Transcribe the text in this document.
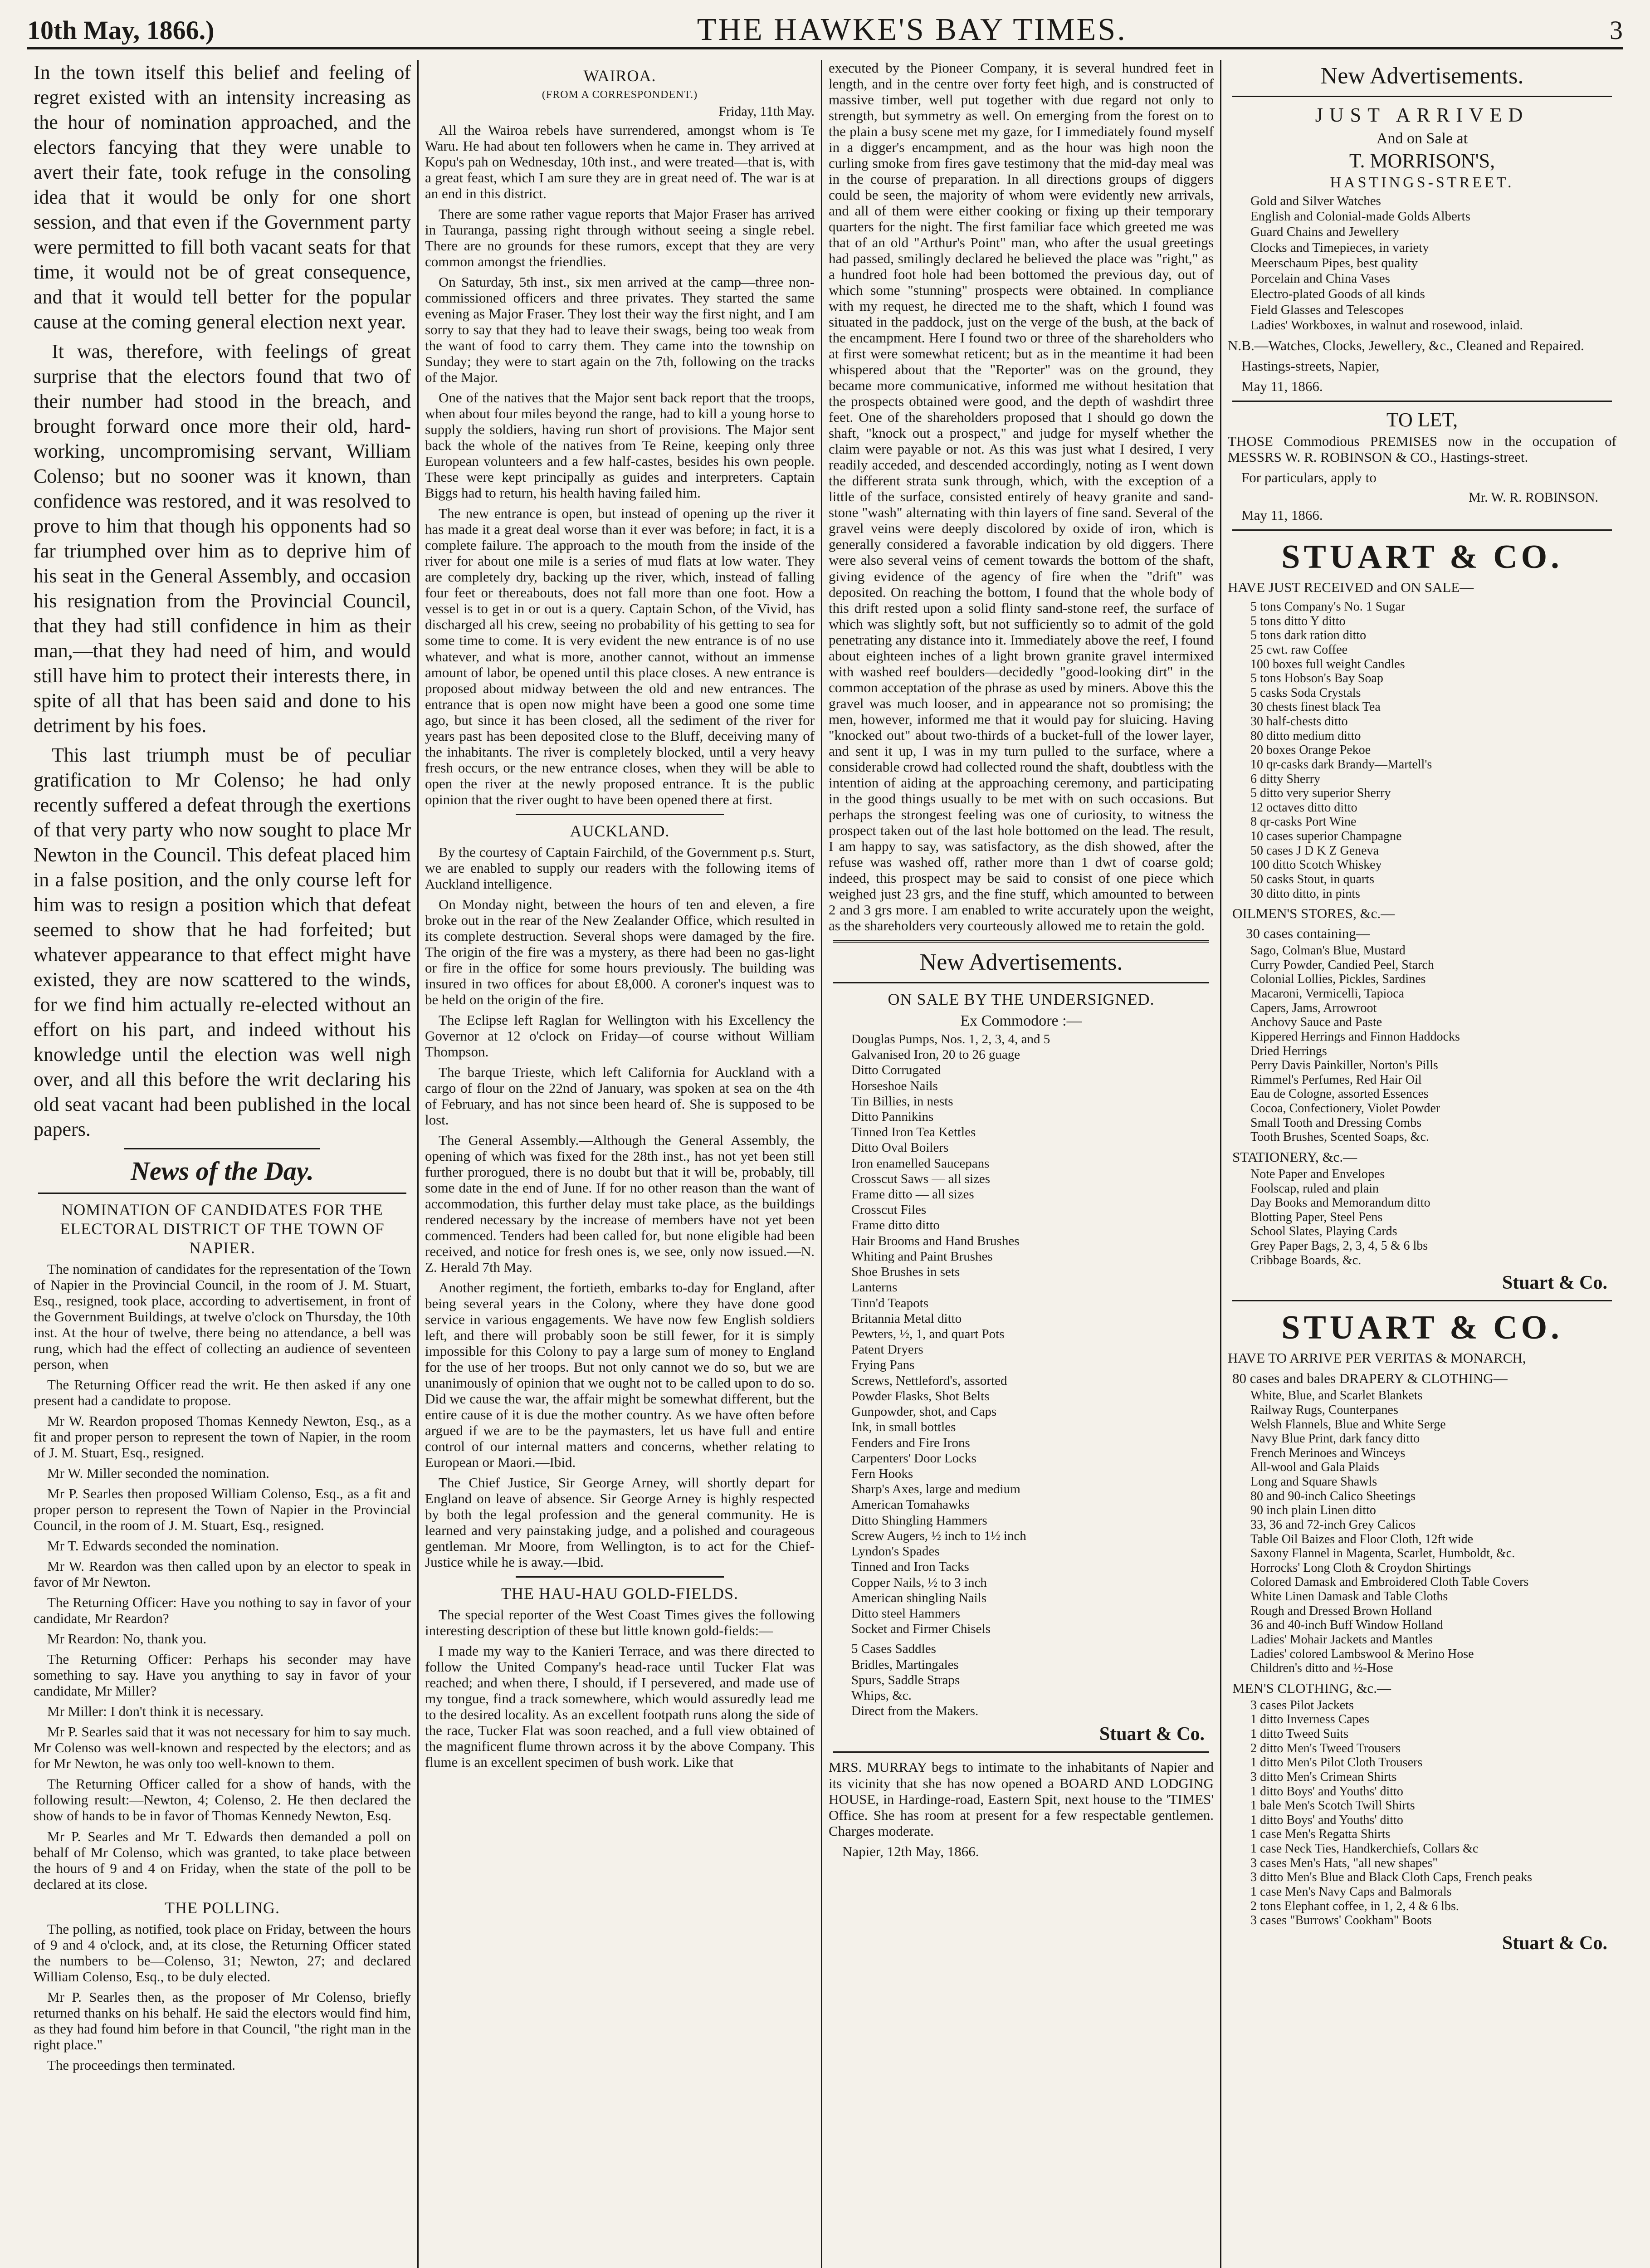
10th May, 1866.)	THE HAWKE'S BAY TIMES.	3

In the town itself this belief and feeling of regret existed with an intensity increasing as the hour of nomination approached, and the electors fancying that they were unable to avert their fate, took refuge in the consoling idea that it would be only for one short session, and that even if the Government party were permitted to fill both vacant seats for that time, it would not be of great consequence, and that it would tell better for the popular cause at the coming general election next year.

It was, therefore, with feelings of great surprise that the electors found that two of their number had stood in the breach, and brought forward once more their old, hard-working, uncompromising servant, William Colenso; but no sooner was it known, than confidence was restored, and it was resolved to prove to him that though his opponents had so far triumphed over him as to deprive him of his seat in the General Assembly, and occasion his resignation from the Provincial Council, that they had still confidence in him as their man,—that they had need of him, and would still have him to protect their interests there, in spite of all that has been said and done to his detriment by his foes.

This last triumph must be of peculiar gratification to Mr Colenso; he had only recently suffered a defeat through the exertions of that very party who now sought to place Mr Newton in the Council. This defeat placed him in a false position, and the only course left for him was to resign a position which that defeat seemed to show that he had forfeited; but whatever appearance to that effect might have existed, they are now scattered to the winds, for we find him actually re-elected without an effort on his part, and indeed without his knowledge until the election was well nigh over, and all this before the writ declaring his old seat vacant had been published in the local papers.

News of the Day.
NOMINATION OF CANDIDATES FOR THE ELECTORAL DISTRICT OF THE TOWN OF NAPIER.

The nomination of candidates for the representation of the Town of Napier in the Provincial Council, in the room of J. M. Stuart, Esq., resigned, took place, according to advertisement, in front of the Government Buildings, at twelve o'clock on Thursday, the 10th inst. At the hour of twelve, there being no attendance, a bell was rung, which had the effect of collecting an audience of seventeen person, when

The Returning Officer read the writ. He then asked if any one present had a candidate to propose.

Mr W. Reardon proposed Thomas Kennedy Newton, Esq., as a fit and proper person to represent the town of Napier, in the room of J. M. Stuart, Esq., resigned.

Mr W. Miller seconded the nomination.

Mr P. Searles then proposed William Colenso, Esq., as a fit and proper person to represent the Town of Napier in the Provincial Council, in the room of J. M. Stuart, Esq., resigned.

Mr T. Edwards seconded the nomination.

Mr W. Reardon was then called upon by an elector to speak in favor of Mr Newton.

The Returning Officer: Have you nothing to say in favor of your candidate, Mr Reardon?

Mr Reardon: No, thank you.

The Returning Officer: Perhaps his seconder may have something to say. Have you anything to say in favor of your candidate, Mr Miller?

Mr Miller: I don't think it is necessary.

Mr P. Searles said that it was not necessary for him to say much. Mr Colenso was well-known and respected by the electors; and as for Mr Newton, he was only too well-known to them.

The Returning Officer called for a show of hands, with the following result:—Newton, 4; Colenso, 2. He then declared the show of hands to be in favor of Thomas Kennedy Newton, Esq.

Mr P. Searles and Mr T. Edwards then demanded a poll on behalf of Mr Colenso, which was granted, to take place between the hours of 9 and 4 on Friday, when the state of the poll to be declared at its close.

THE POLLING.

The polling, as notified, took place on Friday, between the hours of 9 and 4 o'clock, and, at its close, the Returning Officer stated the numbers to be—Colenso, 31; Newton, 27; and declared William Colenso, Esq., to be duly elected.

Mr P. Searles then, as the proposer of Mr Colenso, briefly returned thanks on his behalf. He said the electors would find him, as they had found him before in that Council, "the right man in the right place."

The proceedings then terminated.

WAIROA.
(FROM A CORRESPONDENT.)
Friday, 11th May.

All the Wairoa rebels have surrendered, amongst whom is Te Waru. He had about ten followers when he came in. They arrived at Kopu's pah on Wednesday, 10th inst., and were treated—that is, with a great feast, which I am sure they are in great need of. The war is at an end in this district.

There are some rather vague reports that Major Fraser has arrived in Tauranga, passing right through without seeing a single rebel. There are no grounds for these rumors, except that they are very common amongst the friendlies.

On Saturday, 5th inst., six men arrived at the camp—three non-commissioned officers and three privates. They started the same evening as Major Fraser. They lost their way the first night, and I am sorry to say that they had to leave their swags, being too weak from the want of food to carry them. They came into the township on Sunday; they were to start again on the 7th, following on the tracks of the Major.

One of the natives that the Major sent back report that the troops, when about four miles beyond the range, had to kill a young horse to supply the soldiers, having run short of provisions. The Major sent back the whole of the natives from Te Reine, keeping only three European volunteers and a few half-castes, besides his own people. These were kept principally as guides and interpreters. Captain Biggs had to return, his health having failed him.

The new entrance is open, but instead of opening up the river it has made it a great deal worse than it ever was before; in fact, it is a complete failure. The approach to the mouth from the inside of the river for about one mile is a series of mud flats at low water. They are completely dry, backing up the river, which, instead of falling four feet or thereabouts, does not fall more than one foot. How a vessel is to get in or out is a query. Captain Schon, of the Vivid, has discharged all his crew, seeing no probability of his getting to sea for some time to come. It is very evident the new entrance is of no use whatever, and what is more, another cannot, without an immense amount of labor, be opened until this place closes. A new entrance is proposed about midway between the old and new entrances. The entrance that is open now might have been a good one some time ago, but since it has been closed, all the sediment of the river for years past has been deposited close to the Bluff, deceiving many of the inhabitants. The river is completely blocked, until a very heavy fresh occurs, or the new entrance closes, when they will be able to open the river at the newly proposed entrance. It is the public opinion that the river ought to have been opened there at first.

AUCKLAND.

By the courtesy of Captain Fairchild, of the Government p.s. Sturt, we are enabled to supply our readers with the following items of Auckland intelligence.

On Monday night, between the hours of ten and eleven, a fire broke out in the rear of the New Zealander Office, which resulted in its complete destruction. Several shops were damaged by the fire. The origin of the fire was a mystery, as there had been no gas-light or fire in the office for some hours previously. The building was insured in two offices for about £8,000. A coroner's inquest was to be held on the origin of the fire.

The Eclipse left Raglan for Wellington with his Excellency the Governor at 12 o'clock on Friday—of course without William Thompson.

The barque Trieste, which left California for Auckland with a cargo of flour on the 22nd of January, was spoken at sea on the 4th of February, and has not since been heard of. She is supposed to be lost.

The General Assembly.—Although the General Assembly, the opening of which was fixed for the 28th inst., has not yet been still further prorogued, there is no doubt but that it will be, probably, till some date in the end of June. If for no other reason than the want of accommodation, this further delay must take place, as the buildings rendered necessary by the increase of members have not yet been commenced. Tenders had been called for, but none eligible had been received, and notice for fresh ones is, we see, only now issued.—N. Z. Herald 7th May.

Another regiment, the fortieth, embarks to-day for England, after being several years in the Colony, where they have done good service in various engagements. We have now few English soldiers left, and there will probably soon be still fewer, for it is simply impossible for this Colony to pay a large sum of money to England for the use of her troops. But not only cannot we do so, but we are unanimously of opinion that we ought not to be called upon to do so. Did we cause the war, the affair might be somewhat different, but the entire cause of it is due the mother country. As we have often before argued if we are to be the paymasters, let us have full and entire control of our internal matters and concerns, whether relating to European or Maori.—Ibid.

The Chief Justice, Sir George Arney, will shortly depart for England on leave of absence. Sir George Arney is highly respected by both the legal profession and the general community. He is learned and very painstaking judge, and a polished and courageous gentleman. Mr Moore, from Wellington, is to act for the Chief-Justice while he is away.—Ibid.

THE HAU-HAU GOLD-FIELDS.

The special reporter of the West Coast Times gives the following interesting description of these but little known gold-fields:—

I made my way to the Kanieri Terrace, and was there directed to follow the United Company's head-race until Tucker Flat was reached; and when there, I should, if I persevered, and made use of my tongue, find a track somewhere, which would assuredly lead me to the desired locality. As an excellent footpath runs along the side of the race, Tucker Flat was soon reached, and a full view obtained of the magnificent flume thrown across it by the above Company. This flume is an excellent specimen of bush work. Like that

executed by the Pioneer Company, it is several hundred feet in length, and in the centre over forty feet high, and is constructed of massive timber, well put together with due regard not only to strength, but symmetry as well. On emerging from the forest on to the plain a busy scene met my gaze, for I immediately found myself in a digger's encampment, and as the hour was high noon the curling smoke from fires gave testimony that the mid-day meal was in the course of preparation. In all directions groups of diggers could be seen, the majority of whom were evidently new arrivals, and all of them were either cooking or fixing up their temporary quarters for the night. The first familiar face which greeted me was that of an old "Arthur's Point" man, who after the usual greetings had passed, smilingly declared he believed the place was "right," as a hundred foot hole had been bottomed the previous day, out of which some "stunning" prospects were obtained. In compliance with my request, he directed me to the shaft, which I found was situated in the paddock, just on the verge of the bush, at the back of the encampment. Here I found two or three of the shareholders who at first were somewhat reticent; but as in the meantime it had been whispered about that the "Reporter" was on the ground, they became more communicative, informed me without hesitation that the prospects obtained were good, and the depth of washdirt three feet. One of the shareholders proposed that I should go down the shaft, "knock out a prospect," and judge for myself whether the claim were payable or not. As this was just what I desired, I very readily acceded, and descended accordingly, noting as I went down the different strata sunk through, which, with the exception of a little of the surface, consisted entirely of heavy granite and sand-stone "wash" alternating with thin layers of fine sand. Several of the gravel veins were deeply discolored by oxide of iron, which is generally considered a favorable indication by old diggers. There were also several veins of cement towards the bottom of the shaft, giving evidence of the agency of fire when the "drift" was deposited. On reaching the bottom, I found that the whole body of this drift rested upon a solid flinty sand-stone reef, the surface of which was slightly soft, but not sufficiently so to admit of the gold penetrating any distance into it. Immediately above the reef, I found about eighteen inches of a light brown granite gravel intermixed with washed reef boulders—decidedly "good-looking dirt" in the common acceptation of the phrase as used by miners. Above this the gravel was much looser, and in appearance not so promising; the men, however, informed me that it would pay for sluicing. Having "knocked out" about two-thirds of a bucket-full of the lower layer, and sent it up, I was in my turn pulled to the surface, where a considerable crowd had collected round the shaft, doubtless with the intention of aiding at the approaching ceremony, and participating in the good things usually to be met with on such occasions. But perhaps the strongest feeling was one of curiosity, to witness the prospect taken out of the last hole bottomed on the lead. The result, I am happy to say, was satisfactory, as the dish showed, after the refuse was washed off, rather more than 1 dwt of coarse gold; indeed, this prospect may be said to consist of one piece which weighed just 23 grs, and the fine stuff, which amounted to between 2 and 3 grs more. I am enabled to write accurately upon the weight, as the shareholders very courteously allowed me to retain the gold.

New Advertisements.
ON SALE BY THE UNDERSIGNED.
Ex Commodore :—
Douglas Pumps, Nos. 1, 2, 3, 4, and 5
Galvanised Iron, 20 to 26 guage
Ditto Corrugated
Horseshoe Nails
Tin Billies, in nests
Ditto Pannikins
Tinned Iron Tea Kettles
Ditto Oval Boilers
Iron enamelled Saucepans
Crosscut Saws — all sizes
Frame ditto — all sizes
Crosscut Files
Frame ditto ditto
Hair Brooms and Hand Brushes
Whiting and Paint Brushes
Shoe Brushes in sets
Lanterns
Tinn'd Teapots
Britannia Metal ditto
Pewters, ½, 1, and quart Pots
Patent Dryers
Frying Pans
Screws, Nettleford's, assorted
Powder Flasks, Shot Belts
Gunpowder, shot, and Caps
Ink, in small bottles
Fenders and Fire Irons
Carpenters' Door Locks
Fern Hooks
Sharp's Axes, large and medium
American Tomahawks
Ditto Shingling Hammers
Screw Augers, ½ inch to 1½ inch
Lyndon's Spades
Tinned and Iron Tacks
Copper Nails, ½ to 3 inch
American shingling Nails
Ditto steel Hammers
Socket and Firmer Chisels
5 Cases Saddles
Bridles, Martingales
Spurs, Saddle Straps
Whips, &c.
Direct from the Makers.
Stuart & Co.

MRS. MURRAY begs to intimate to the inhabitants of Napier and its vicinity that she has now opened a BOARD AND LODGING HOUSE, in Hardinge-road, Eastern Spit, next house to the 'TIMES' Office. She has room at present for a few respectable gentlemen. Charges moderate.

Napier, 12th May, 1866.

New Advertisements.
JUST ARRIVED
And on Sale at
T. MORRISON'S,
HASTINGS-STREET.
Gold and Silver Watches
English and Colonial-made Golds Alberts
Guard Chains and Jewellery
Clocks and Timepieces, in variety
Meerschaum Pipes, best quality
Porcelain and China Vases
Electro-plated Goods of all kinds
Field Glasses and Telescopes
Ladies' Workboxes, in walnut and rosewood, inlaid.

N.B.—Watches, Clocks, Jewellery, &c., Cleaned and Repaired.

Hastings-streets, Napier,

May 11, 1866.

TO LET,

THOSE Commodious PREMISES now in the occupation of MESSRS W. R. ROBINSON & CO., Hastings-street.

For particulars, apply to

Mr. W. R. ROBINSON.

May 11, 1866.

STUART & CO.

HAVE JUST RECEIVED and ON SALE—

5 tons Company's No. 1 Sugar
5 tons ditto Y ditto
5 tons dark ration ditto
25 cwt. raw Coffee
100 boxes full weight Candles
5 tons Hobson's Bay Soap
5 casks Soda Crystals
30 chests finest black Tea
30 half-chests ditto
80 ditto medium ditto
20 boxes Orange Pekoe
10 qr-casks dark Brandy—Martell's
6 ditty Sherry
5 ditto very superior Sherry
12 octaves ditto ditto
8 qr-casks Port Wine
10 cases superior Champagne
50 cases J D K Z Geneva
100 ditto Scotch Whiskey
50 casks Stout, in quarts
30 ditto ditto, in pints
OILMEN'S STORES, &c.—
30 cases containing—
Sago, Colman's Blue, Mustard
Curry Powder, Candied Peel, Starch
Colonial Lollies, Pickles, Sardines
Macaroni, Vermicelli, Tapioca
Capers, Jams, Arrowroot
Anchovy Sauce and Paste
Kippered Herrings and Finnon Haddocks
Dried Herrings
Perry Davis Painkiller, Norton's Pills
Rimmel's Perfumes, Red Hair Oil
Eau de Cologne, assorted Essences
Cocoa, Confectionery, Violet Powder
Small Tooth and Dressing Combs
Tooth Brushes, Scented Soaps, &c.
STATIONERY, &c.—
Note Paper and Envelopes
Foolscap, ruled and plain
Day Books and Memorandum ditto
Blotting Paper, Steel Pens
School Slates, Playing Cards
Grey Paper Bags, 2, 3, 4, 5 & 6 lbs
Cribbage Boards, &c.
Stuart & Co.
STUART & CO.

HAVE TO ARRIVE PER VERITAS & MONARCH,

80 cases and bales DRAPERY & CLOTHING—
White, Blue, and Scarlet Blankets
Railway Rugs, Counterpanes
Welsh Flannels, Blue and White Serge
Navy Blue Print, dark fancy ditto
French Merinoes and Winceys
All-wool and Gala Plaids
Long and Square Shawls
80 and 90-inch Calico Sheetings
90 inch plain Linen ditto
33, 36 and 72-inch Grey Calicos
Table Oil Baizes and Floor Cloth, 12ft wide
Saxony Flannel in Magenta, Scarlet, Humboldt, &c.
Horrocks' Long Cloth & Croydon Shirtings
Colored Damask and Embroidered Cloth Table Covers
White Linen Damask and Table Cloths
Rough and Dressed Brown Holland
36 and 40-inch Buff Window Holland
Ladies' Mohair Jackets and Mantles
Ladies' colored Lambswool & Merino Hose
Children's ditto and ½-Hose
MEN'S CLOTHING, &c.—
3 cases Pilot Jackets
1 ditto Inverness Capes
1 ditto Tweed Suits
2 ditto Men's Tweed Trousers
1 ditto Men's Pilot Cloth Trousers
3 ditto Men's Crimean Shirts
1 ditto Boys' and Youths' ditto
1 bale Men's Scotch Twill Shirts
1 ditto Boys' and Youths' ditto
1 case Men's Regatta Shirts
1 case Neck Ties, Handkerchiefs, Collars &c
3 cases Men's Hats, "all new shapes"
3 ditto Men's Blue and Black Cloth Caps, French peaks
1 case Men's Navy Caps and Balmorals
2 tons Elephant coffee, in 1, 2, 4 & 6 lbs.
3 cases "Burrows' Cookham" Boots
Stuart & Co.
